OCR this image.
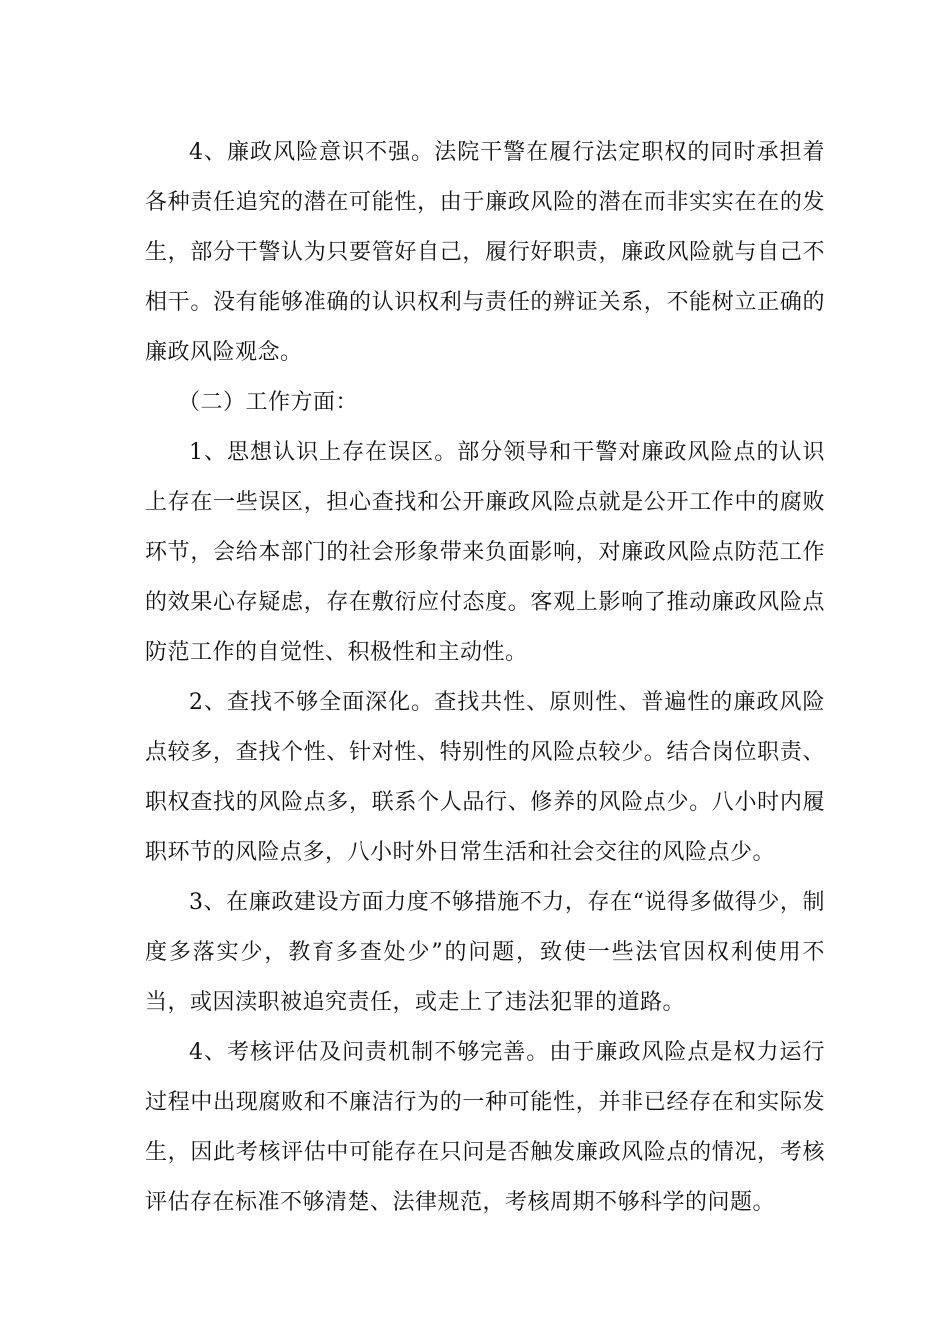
4、廉政风险意识不强。法院干警在履行法定职权的同时承担着各种责任追究的潜在可能性，由于廉政风险的潜在而非实实在在的发生，部分干警认为只要管好自己，履行好职责，廉政风险就与自己不相干。没有能够准确的认识权利与责任的辨证关系，不能树立正确的廉政风险观念。

（二）工作方面：

1、思想认识上存在误区。部分领导和干警对廉政风险点的认识上存在一些误区，担心查找和公开廉政风险点就是公开工作中的腐败环节，会给本部门的社会形象带来负面影响，对廉政风险点防范工作的效果心存疑虑，存在敷衍应付态度。客观上影响了推动廉政风险点防范工作的自觉性、积极性和主动性。

2、查找不够全面深化。查找共性、原则性、普遍性的廉政风险点较多，查找个性、针对性、特别性的风险点较少。结合岗位职责、职权查找的风险点多，联系个人品行、修养的风险点少。八小时内履职环节的风险点多，八小时外日常生活和社会交往的风险点少。

3、在廉政建设方面力度不够措施不力，存在“说得多做得少，制度多落实少，教育多查处少”的问题，致使一些法官因权利使用不当，或因渎职被追究责任，或走上了违法犯罪的道路。

4、考核评估及问责机制不够完善。由于廉政风险点是权力运行过程中出现腐败和不廉洁行为的一种可能性，并非已经存在和实际发生，因此考核评估中可能存在只问是否触发廉政风险点的情况，考核评估存在标准不够清楚、法律规范，考核周期不够科学的问题。
